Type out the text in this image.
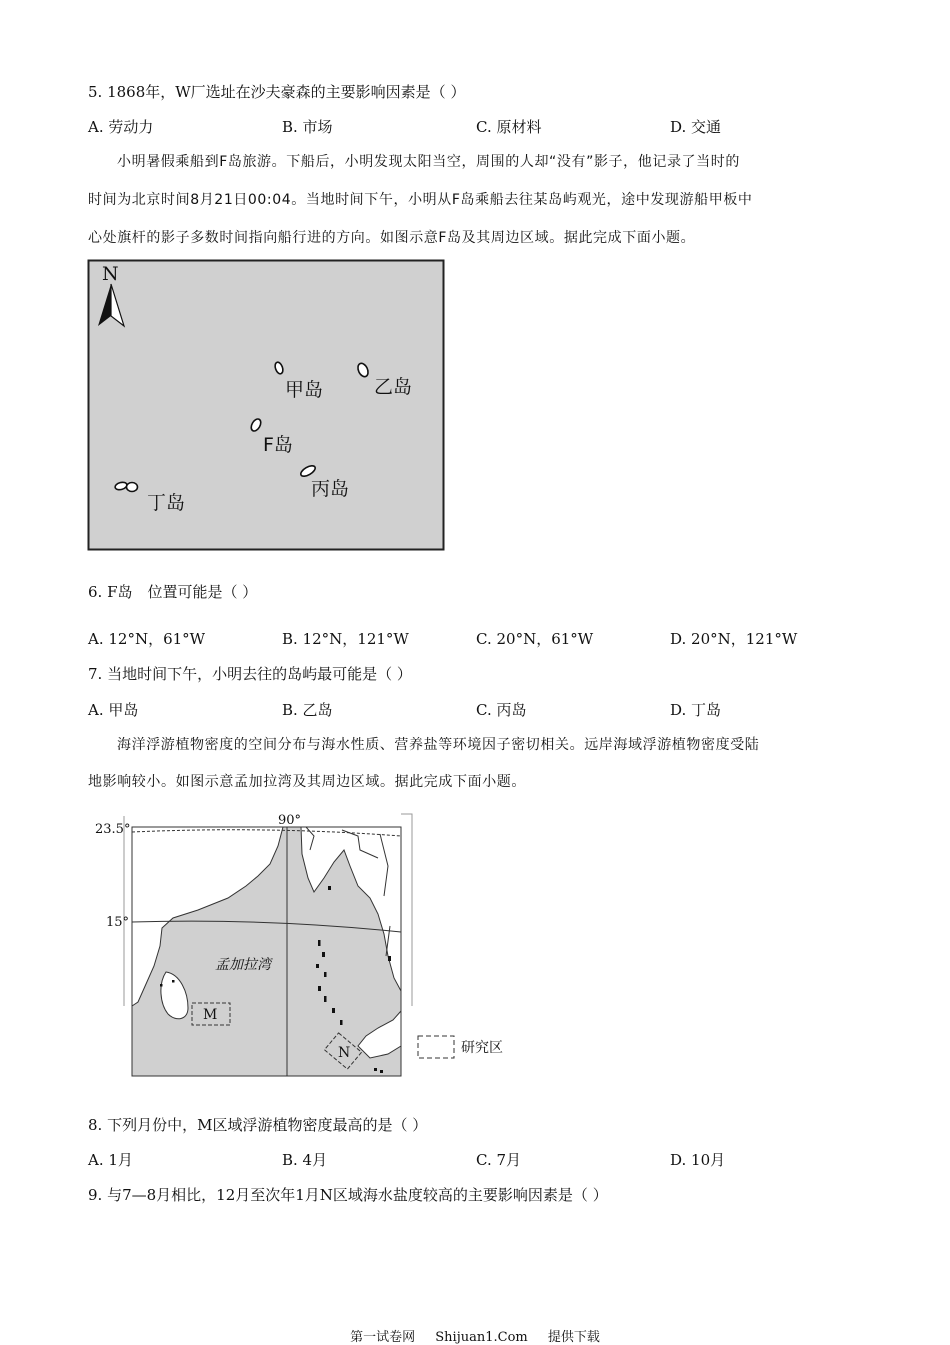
5. 1868年，W厂选址在沙夫豪森的主要影响因素是（ ）
A. 劳动力	B. 市场	C. 原材料	D. 交通
小明暑假乘船到F岛旅游。下船后，小明发现太阳当空，周围的人却“没有”影子，他记录了当时的
时间为北京时间8月21日00:04。当地时间下午，小明从F岛乘船去往某岛屿观光，途中发现游船甲板中
心处旗杆的影子多数时间指向船行进的方向。如图示意F岛及其周边区域。据此完成下面小题。
N
甲岛	乙岛
F岛
丙岛
丁岛
6. F岛　位置可能是（ ）
A. 12°N，61°W	B. 12°N，121°W	C. 20°N，61°W	D. 20°N，121°W
7. 当地时间下午，小明去往的岛屿最可能是（ ）
A. 甲岛	B. 乙岛	C. 丙岛	D. 丁岛
海洋浮游植物密度的空间分布与海水性质、营养盐等环境因子密切相关。远岸海域浮游植物密度受陆
地影响较小。如图示意孟加拉湾及其周边区域。据此完成下面小题。
90°
23.5°
15°
孟加拉湾
M
N	研究区
8. 下列月份中，M区域浮游植物密度最高的是（ ）
A. 1月	B. 4月	C. 7月	D. 10月
9. 与7—8月相比，12月至次年1月N区域海水盐度较高的主要影响因素是（ ）
第一试卷网 Shijuan1.Com 提供下载
